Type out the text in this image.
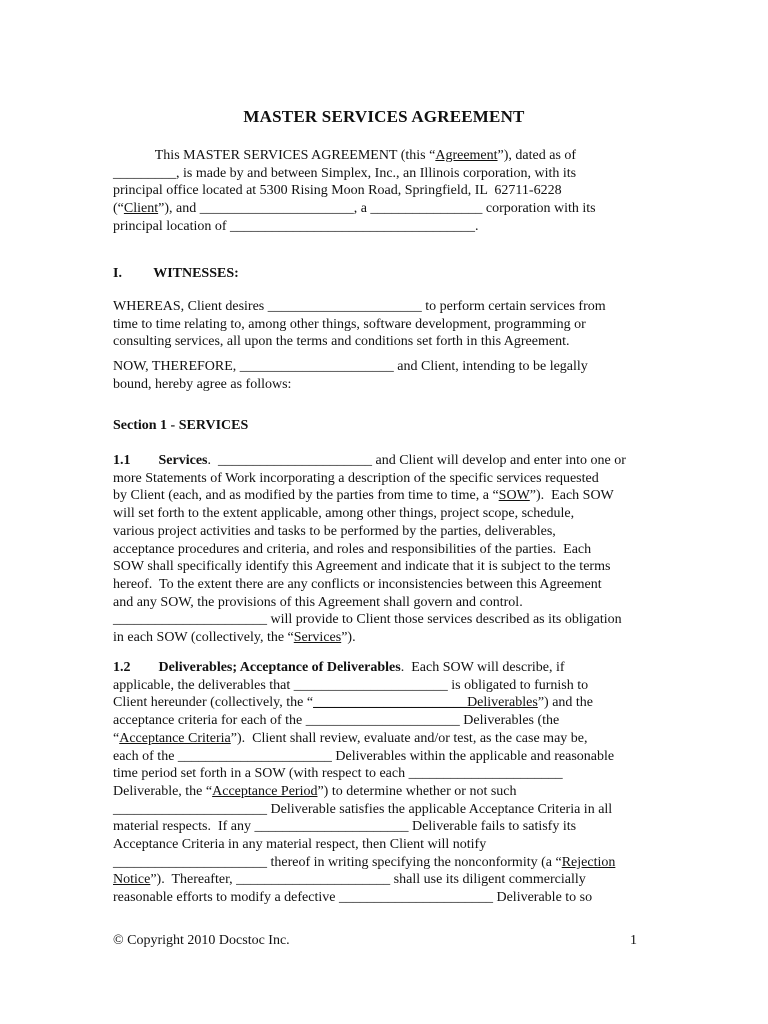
MASTER SERVICES AGREEMENT
This MASTER SERVICES AGREEMENT (this “Agreement”), dated as of
_________, is made by and between Simplex, Inc., an Illinois corporation, with its
principal office located at 5300 Rising Moon Road, Springfield, IL  62711-6228
(“Client”), and ______________________, a ________________ corporation with its
principal location of ___________________________________.
I.         WITNESSES:
WHEREAS, Client desires ______________________ to perform certain services from
time to time relating to, among other things, software development, programming or
consulting services, all upon the terms and conditions set forth in this Agreement.
NOW, THEREFORE, ______________________ and Client, intending to be legally
bound, hereby agree as follows:
Section 1 - SERVICES
1.1        Services.  ______________________ and Client will develop and enter into one or
more Statements of Work incorporating a description of the specific services requested
by Client (each, and as modified by the parties from time to time, a “SOW”).  Each SOW
will set forth to the extent applicable, among other things, project scope, schedule,
various project activities and tasks to be performed by the parties, deliverables,
acceptance procedures and criteria, and roles and responsibilities of the parties.  Each
SOW shall specifically identify this Agreement and indicate that it is subject to the terms
hereof.  To the extent there are any conflicts or inconsistencies between this Agreement
and any SOW, the provisions of this Agreement shall govern and control.
______________________ will provide to Client those services described as its obligation
in each SOW (collectively, the “Services”).
1.2        Deliverables; Acceptance of Deliverables.  Each SOW will describe, if
applicable, the deliverables that ______________________ is obligated to furnish to
Client hereunder (collectively, the “______________________Deliverables”) and the
acceptance criteria for each of the ______________________ Deliverables (the
“Acceptance Criteria”).  Client shall review, evaluate and/or test, as the case may be,
each of the ______________________ Deliverables within the applicable and reasonable
time period set forth in a SOW (with respect to each ______________________
Deliverable, the “Acceptance Period”) to determine whether or not such
______________________ Deliverable satisfies the applicable Acceptance Criteria in all
material respects.  If any ______________________ Deliverable fails to satisfy its
Acceptance Criteria in any material respect, then Client will notify
______________________ thereof in writing specifying the nonconformity (a “Rejection
Notice”).  Thereafter, ______________________ shall use its diligent commercially
reasonable efforts to modify a defective ______________________ Deliverable to so
© Copyright 2010 Docstoc Inc.	1
